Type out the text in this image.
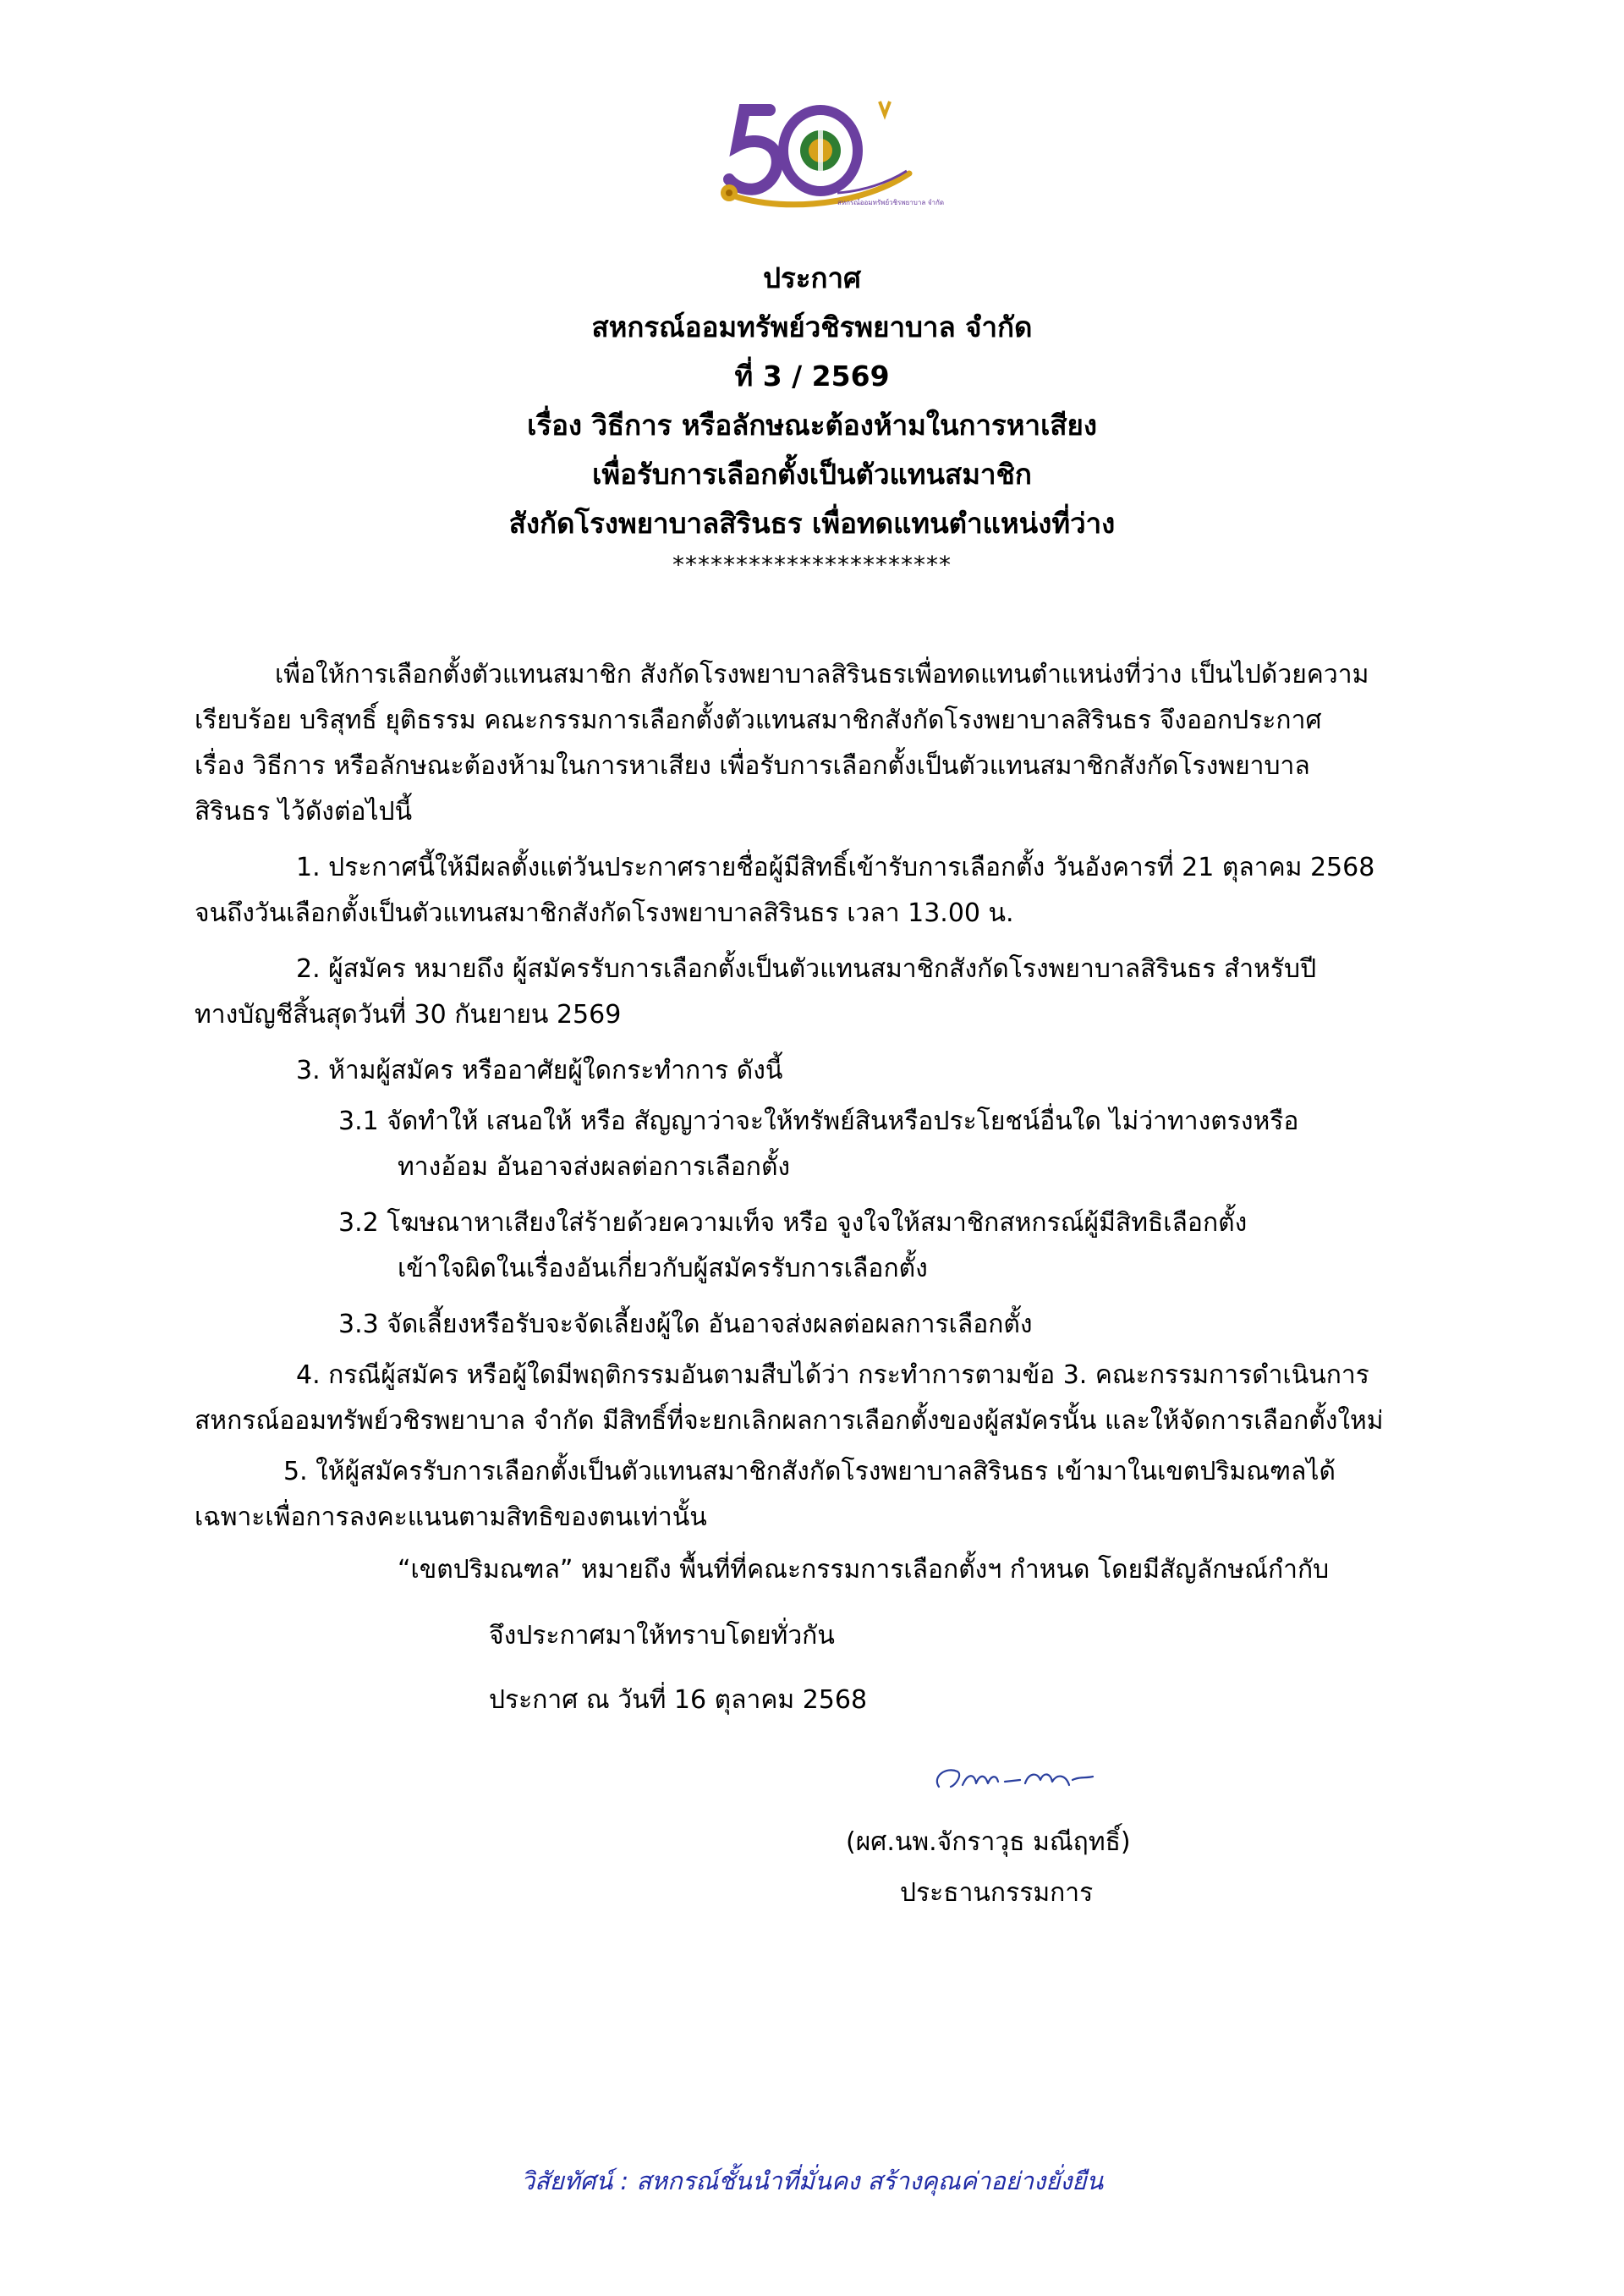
สหกรณ์ออมทรัพย์วชิรพยาบาล จำกัด
ประกาศ
สหกรณ์ออมทรัพย์วชิรพยาบาล จำกัด
ที่ 3 / 2569
เรื่อง วิธีการ หรือลักษณะต้องห้ามในการหาเสียง
เพื่อรับการเลือกตั้งเป็นตัวแทนสมาชิก
สังกัดโรงพยาบาลสิรินธร เพื่อทดแทนตำแหน่งที่ว่าง
**********************
เพื่อให้การเลือกตั้งตัวแทนสมาชิก สังกัดโรงพยาบาลสิรินธรเพื่อทดแทนตำแหน่งที่ว่าง เป็นไปด้วยความ
เรียบร้อย บริสุทธิ์ ยุติธรรม คณะกรรมการเลือกตั้งตัวแทนสมาชิกสังกัดโรงพยาบาลสิรินธร จึงออกประกาศ
เรื่อง วิธีการ หรือลักษณะต้องห้ามในการหาเสียง เพื่อรับการเลือกตั้งเป็นตัวแทนสมาชิกสังกัดโรงพยาบาล
สิรินธร ไว้ดังต่อไปนี้
1. ประกาศนี้ให้มีผลตั้งแต่วันประกาศรายชื่อผู้มีสิทธิ์เข้ารับการเลือกตั้ง วันอังคารที่ 21 ตุลาคม 2568
จนถึงวันเลือกตั้งเป็นตัวแทนสมาชิกสังกัดโรงพยาบาลสิรินธร เวลา 13.00 น.
2. ผู้สมัคร หมายถึง ผู้สมัครรับการเลือกตั้งเป็นตัวแทนสมาชิกสังกัดโรงพยาบาลสิรินธร สำหรับปี
ทางบัญชีสิ้นสุดวันที่ 30 กันยายน 2569
3. ห้ามผู้สมัคร หรืออาศัยผู้ใดกระทำการ ดังนี้
3.1 จัดทำให้ เสนอให้ หรือ สัญญาว่าจะให้ทรัพย์สินหรือประโยชน์อื่นใด ไม่ว่าทางตรงหรือ
ทางอ้อม อันอาจส่งผลต่อการเลือกตั้ง
3.2 โฆษณาหาเสียงใส่ร้ายด้วยความเท็จ หรือ จูงใจให้สมาชิกสหกรณ์ผู้มีสิทธิเลือกตั้ง
เข้าใจผิดในเรื่องอันเกี่ยวกับผู้สมัครรับการเลือกตั้ง
3.3 จัดเลี้ยงหรือรับจะจัดเลี้ยงผู้ใด อันอาจส่งผลต่อผลการเลือกตั้ง
4. กรณีผู้สมัคร หรือผู้ใดมีพฤติกรรมอันตามสืบได้ว่า กระทำการตามข้อ 3. คณะกรรมการดำเนินการ
สหกรณ์ออมทรัพย์วชิรพยาบาล จำกัด มีสิทธิ์ที่จะยกเลิกผลการเลือกตั้งของผู้สมัครนั้น และให้จัดการเลือกตั้งใหม่
5. ให้ผู้สมัครรับการเลือกตั้งเป็นตัวแทนสมาชิกสังกัดโรงพยาบาลสิรินธร เข้ามาในเขตปริมณฑลได้
เฉพาะเพื่อการลงคะแนนตามสิทธิของตนเท่านั้น
“เขตปริมณฑล” หมายถึง พื้นที่ที่คณะกรรมการเลือกตั้งฯ กำหนด โดยมีสัญลักษณ์กำกับ
จึงประกาศมาให้ทราบโดยทั่วกัน
ประกาศ ณ วันที่ 16 ตุลาคม 2568
(ผศ.นพ.จักราวุธ มณีฤทธิ์)
ประธานกรรมการ
วิสัยทัศน์ : สหกรณ์ชั้นนำที่มั่นคง สร้างคุณค่าอย่างยั่งยืน
